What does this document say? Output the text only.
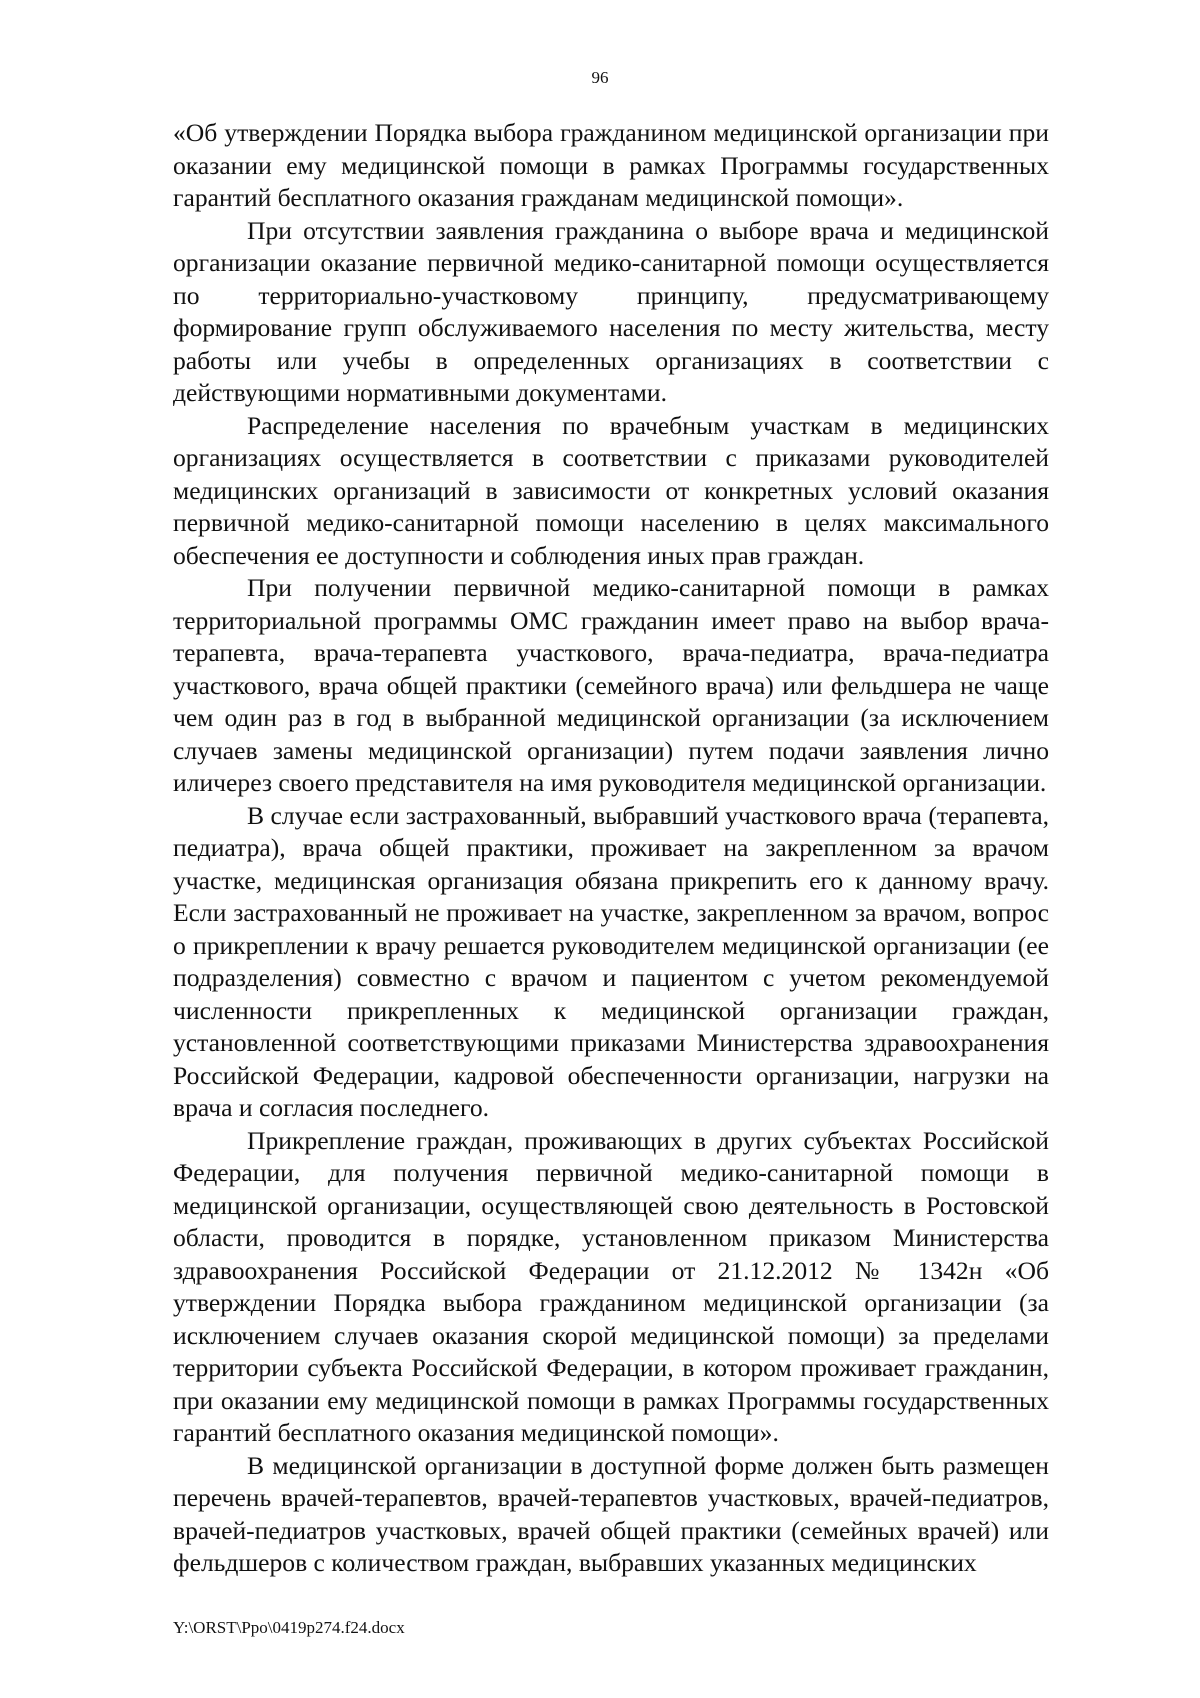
96

«Об утверждении Порядка выбора гражданином медицинской организации при оказании ему медицинской помощи в рамках Программы государственных гарантий бесплатного оказания гражданам медицинской помощи».

При отсутствии заявления гражданина о выборе врача и медицинской организации оказание первичной медико-санитарной помощи осуществляется по территориально-участковому принципу, предусматривающему формирование групп обслуживаемого населения по месту жительства, месту работы или учебы в определенных организациях в соответствии с действующими нормативными документами.

Распределение населения по врачебным участкам в медицинских организациях осуществляется в соответствии с приказами руководителей медицинских организаций в зависимости от конкретных условий оказания первичной медико-санитарной помощи населению в целях максимального обеспечения ее доступности и соблюдения иных прав граждан.

При получении первичной медико-санитарной помощи в рамках территориальной программы ОМС гражданин имеет право на выбор врача-терапевта, врача-терапевта участкового, врача-педиатра, врача-педиатра участкового, врача общей практики (семейного врача) или фельдшера не чаще чем один раз в год в выбранной медицинской организации (за исключением случаев замены медицинской организации) путем подачи заявления лично иличерез своего представителя на имя руководителя медицинской организации.

В случае если застрахованный, выбравший участкового врача (терапевта, педиатра), врача общей практики, проживает на закрепленном за врачом участке, медицинская организация обязана прикрепить его к данному врачу. Если застрахованный не проживает на участке, закрепленном за врачом, вопрос о прикреплении к врачу решается руководителем медицинской организации (ее подразделения) совместно с врачом и пациентом с учетом рекомендуемой численности прикрепленных к медицинской организации граждан, установленной соответствующими приказами Министерства здравоохранения Российской Федерации, кадровой обеспеченности организации, нагрузки на врача и согласия последнего.

Прикрепление граждан, проживающих в других субъектах Российской Федерации, для получения первичной медико-санитарной помощи в медицинской организации, осуществляющей свою деятельность в Ростовской области, проводится в порядке, установленном приказом Министерства здравоохранения Российской Федерации от 21.12.2012 № 1342н «Об утверждении Порядка выбора гражданином медицинской организации (за исключением случаев оказания скорой медицинской помощи) за пределами территории субъекта Российской Федерации, в котором проживает гражданин, при оказании ему медицинской помощи в рамках Программы государственных гарантий бесплатного оказания медицинской помощи».

В медицинской организации в доступной форме должен быть размещен перечень врачей-терапевтов, врачей-терапевтов участковых, врачей-педиатров, врачей-педиатров участковых, врачей общей практики (семейных врачей) или фельдшеров с количеством граждан, выбравших указанных медицинских

Y:\ORST\Ppo\0419p274.f24.docx
